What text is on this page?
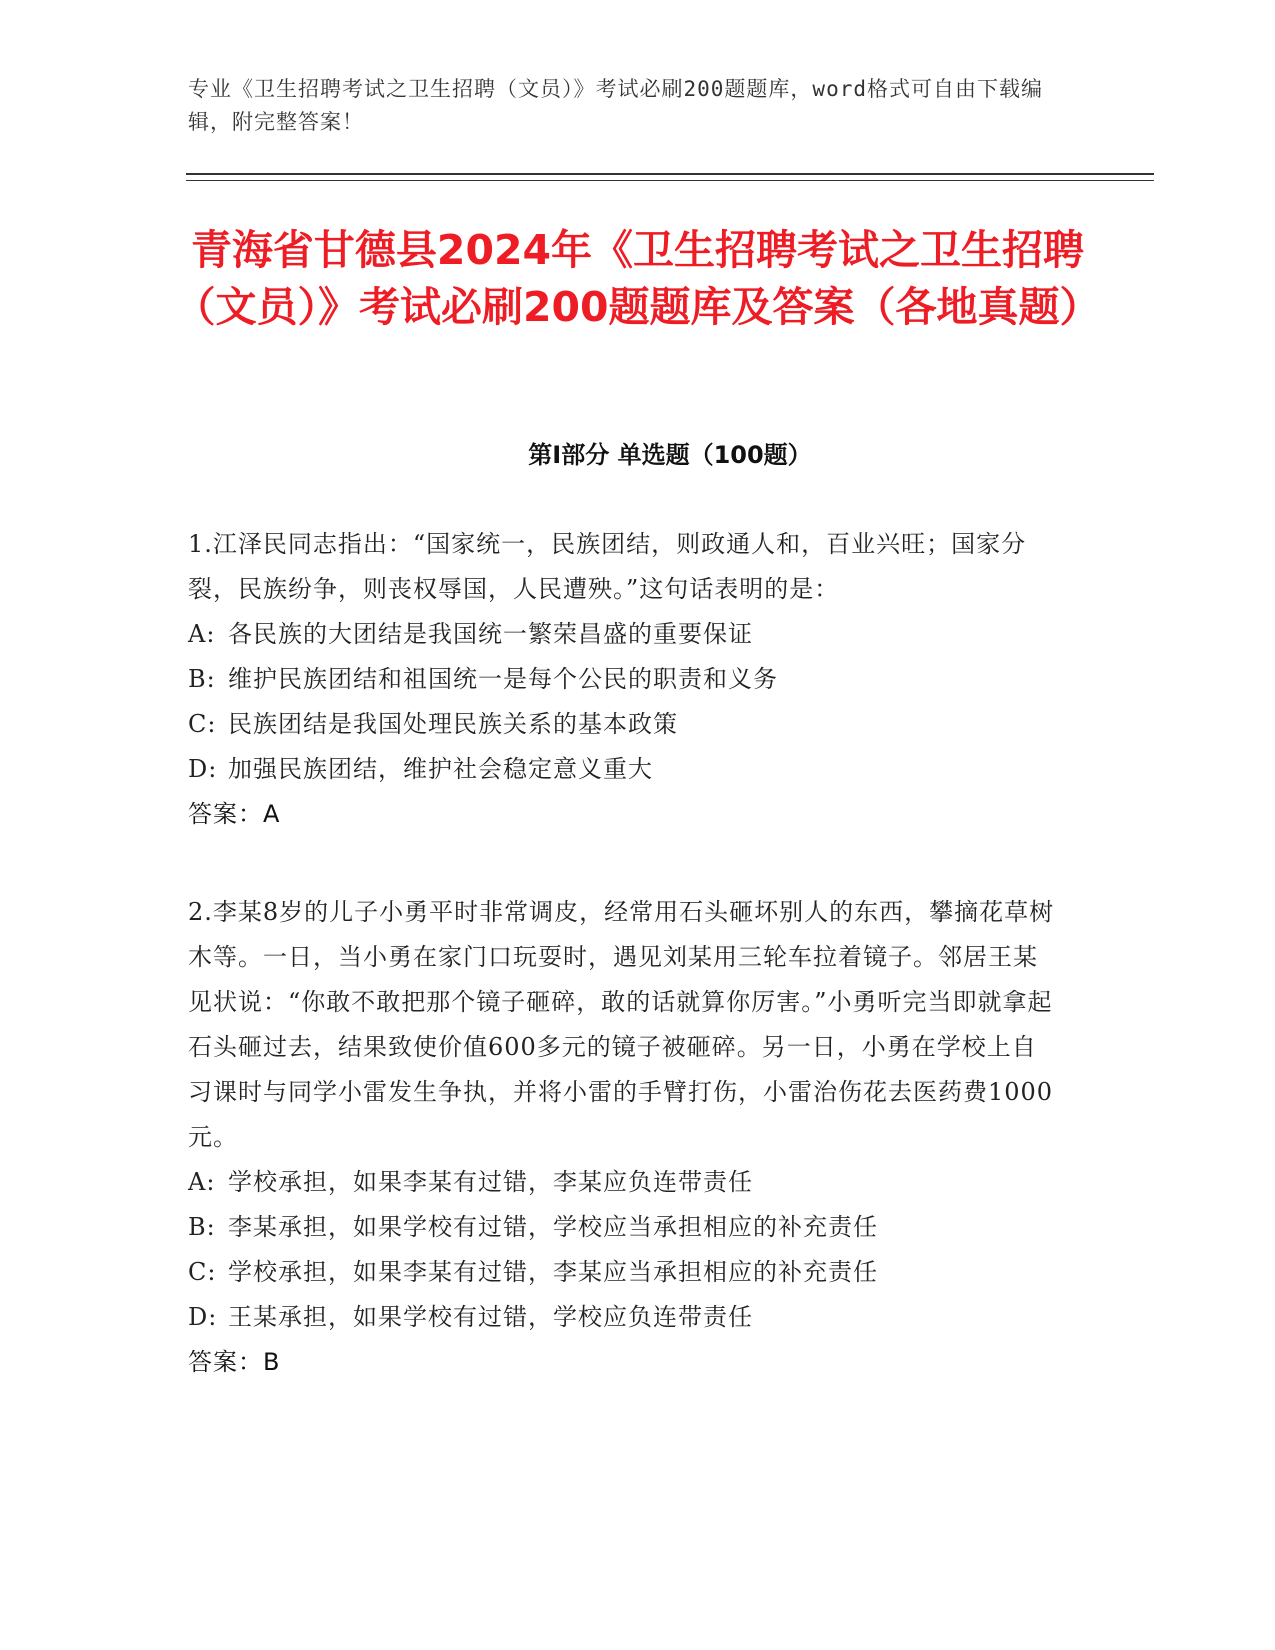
专业《卫生招聘考试之卫生招聘（文员）》考试必刷200题题库，word格式可自由下载编辑，附完整答案！
青海省甘德县2024年《卫生招聘考试之卫生招聘（文员）》考试必刷200题题库及答案（各地真题）
第I部分 单选题（100题）

1.江泽民同志指出：“国家统一，民族团结，则政通人和，百业兴旺；国家分裂，民族纷争，则丧权辱国，人民遭殃。”这句话表明的是：

A: 各民族的大团结是我国统一繁荣昌盛的重要保证

B: 维护民族团结和祖国统一是每个公民的职责和义务

C: 民族团结是我国处理民族关系的基本政策

D: 加强民族团结，维护社会稳定意义重大

答案：A

2.李某8岁的儿子小勇平时非常调皮，经常用石头砸坏别人的东西，攀摘花草树木等。一日，当小勇在家门口玩耍时，遇见刘某用三轮车拉着镜子。邻居王某见状说：“你敢不敢把那个镜子砸碎，敢的话就算你厉害。”小勇听完当即就拿起石头砸过去，结果致使价值600多元的镜子被砸碎。另一日，小勇在学校上自习课时与同学小雷发生争执，并将小雷的手臂打伤，小雷治伤花去医药费1000元。

A: 学校承担，如果李某有过错，李某应负连带责任

B: 李某承担，如果学校有过错，学校应当承担相应的补充责任

C: 学校承担，如果李某有过错，李某应当承担相应的补充责任

D: 王某承担，如果学校有过错，学校应负连带责任

答案：B
